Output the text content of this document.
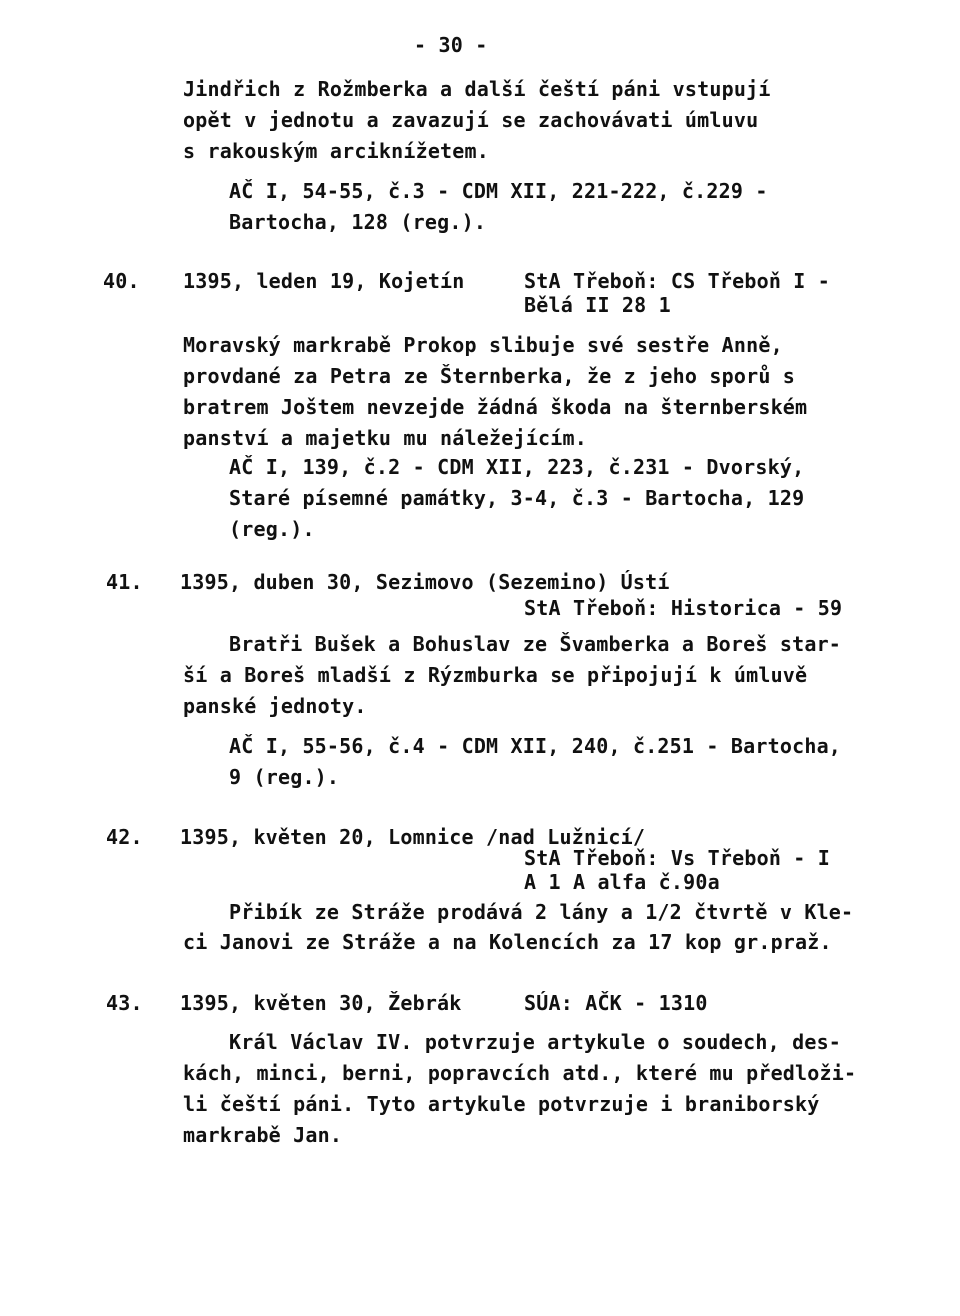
- 30 -
Jindřich z Rožmberka a další čeští páni vstupují
opět v jednotu a zavazují se zachovávati úmluvu
s rakouským arciknížetem.
AČ I, 54-55, č.3 - CDM XII, 221-222, č.229 -
Bartocha, 128 (reg.).
40. 1395, leden 19, Kojetín	StA Třeboň: CS Třeboň I -
Bělá II 28 1
Moravský markrabě Prokop slibuje své sestře Anně,
provdané za Petra ze Šternberka, že z jeho sporů s
bratrem Joštem nevzejde žádná škoda na šternberském
panství a majetku mu náležejícím.
AČ I, 139, č.2 - CDM XII, 223, č.231 - Dvorský,
Staré písemné památky, 3-4, č.3 - Bartocha, 129
(reg.).
41. 1395, duben 30, Sezimovo (Sezemino) Ústí
StA Třeboň: Historica - 59
Bratři Bušek a Bohuslav ze Švamberka a Boreš star-
ší a Boreš mladší z Rýzmburka se připojují k úmluvě
panské jednoty.
AČ I, 55-56, č.4 - CDM XII, 240, č.251 - Bartocha,
9 (reg.).
42. 1395, květen 20, Lomnice /nad Lužnicí/
StA Třeboň: Vs Třeboň - I
A 1 A alfa č.90a
Přibík ze Stráže prodává 2 lány a 1/2 čtvrtě v Kle-
ci Janovi ze Stráže a na Kolencích za 17 kop gr.praž.
43. 1395, květen 30, Žebrák	SÚA: AČK - 1310
Král Václav IV. potvrzuje artykule o soudech, des-
kách, minci, berni, popravcích atd., které mu předloži-
li čeští páni. Tyto artykule potvrzuje i braniborský
markrabě Jan.
